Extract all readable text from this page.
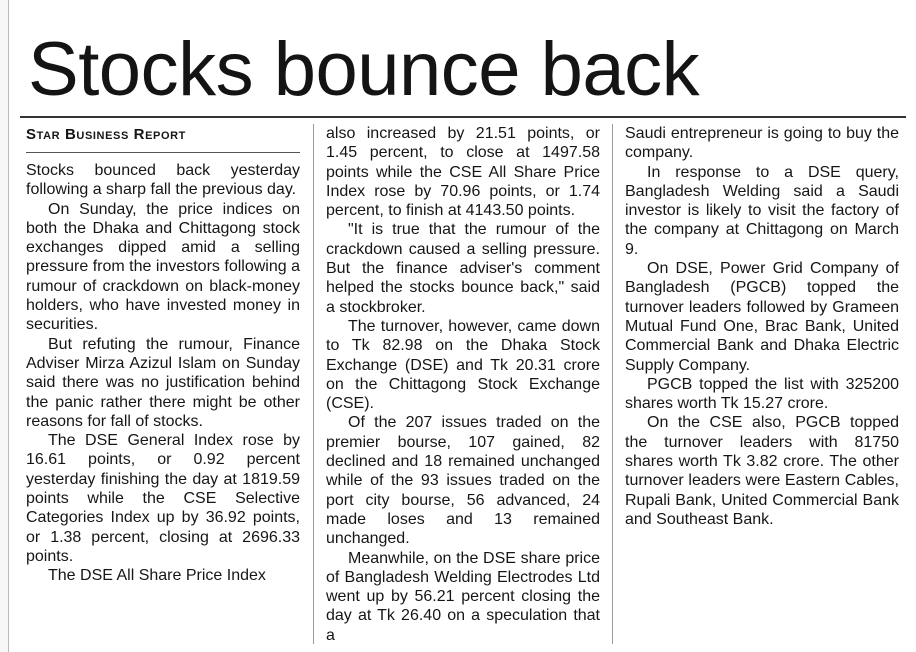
Stocks bounce back
Star Business Report

Stocks bounced back yesterday following a sharp fall the previous day.

On Sunday, the price indices on both the Dhaka and Chittagong stock exchanges dipped amid a selling pressure from the investors following a rumour of crackdown on black-money holders, who have invested money in securities.

But refuting the rumour, Finance Adviser Mirza Azizul Islam on Sunday said there was no justification behind the panic rather there might be other reasons for fall of stocks.

The DSE General Index rose by 16.61 points, or 0.92 percent yesterday finishing the day at 1819.59 points while the CSE Selective Categories Index up by 36.92 points, or 1.38 percent, closing at 2696.33 points.

The DSE All Share Price Index

also increased by 21.51 points, or 1.45 percent, to close at 1497.58 points while the CSE All Share Price Index rose by 70.96 points, or 1.74 percent, to finish at 4143.50 points.

"It is true that the rumour of the crackdown caused a selling pressure. But the finance adviser's comment helped the stocks bounce back," said a stockbroker.

The turnover, however, came down to Tk 82.98 on the Dhaka Stock Exchange (DSE) and Tk 20.31 crore on the Chittagong Stock Exchange (CSE).

Of the 207 issues traded on the premier bourse, 107 gained, 82 declined and 18 remained unchanged while of the 93 issues traded on the port city bourse, 56 advanced, 24 made loses and 13 remained unchanged.

Meanwhile, on the DSE share price of Bangladesh Welding Electrodes Ltd went up by 56.21 percent closing the day at Tk 26.40 on a speculation that a

Saudi entrepreneur is going to buy the company.

In response to a DSE query, Bangladesh Welding said a Saudi investor is likely to visit the factory of the company at Chittagong on March 9.

On DSE, Power Grid Company of Bangladesh (PGCB) topped the turnover leaders followed by Grameen Mutual Fund One, Brac Bank, United Commercial Bank and Dhaka Electric Supply Company.

PGCB topped the list with 325200 shares worth Tk 15.27 crore.

On the CSE also, PGCB topped the turnover leaders with 81750 shares worth Tk 3.82 crore. The other turnover leaders were Eastern Cables, Rupali Bank, United Commercial Bank and Southeast Bank.
